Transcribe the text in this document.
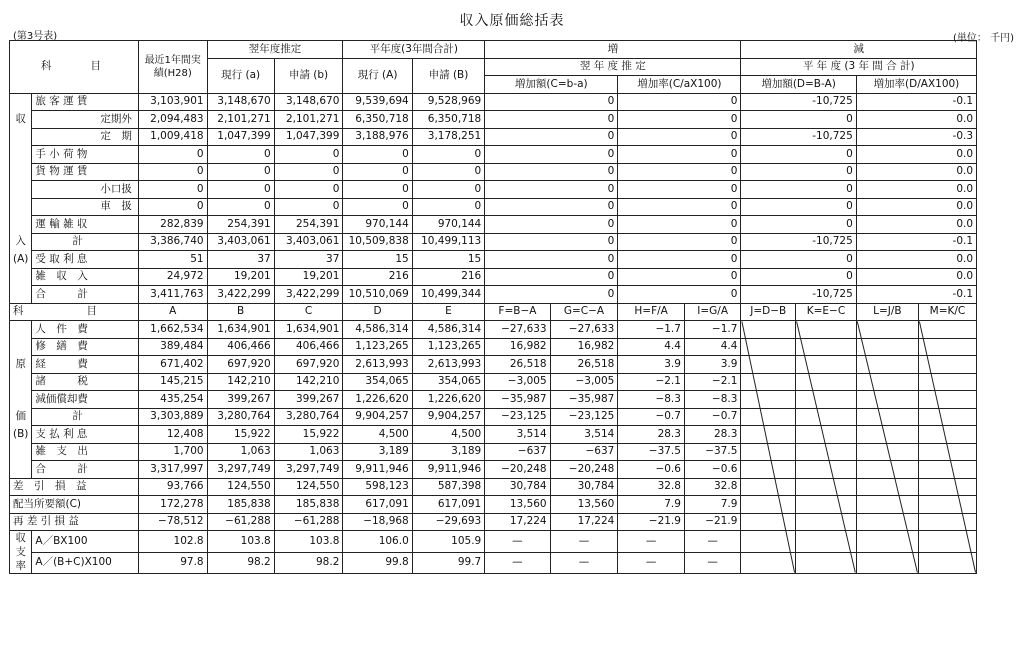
収入原価総括表
(第3号表)	(単位： 千円)
科　　目		最近1年間実績(H28)	翌年度推定		平年度(3年間合計)		増				減			
			現行 (a)	申請 (b)	現行 (A)	申請 (B)	翌 年 度 推 定				平 年 度 (3 年 間 合 計)			
							増加額(C=b-a)		増加率(C/aX100)		増加額(D=B-A)		増加率(D/AX100)	
	旅 客 運 賃	3,103,901	3,148,670	3,148,670	9,539,694	9,528,969	0		0		-10,725		-0.1	
収	定期外	2,094,483	2,101,271	2,101,271	6,350,718	6,350,718	0		0		0		0.0	
	定　期	1,009,418	1,047,399	1,047,399	3,188,976	3,178,251	0		0		-10,725		-0.3	
	手 小 荷 物	0	0	0	0	0	0		0		0		0.0	
	貨 物 運 賃	0	0	0	0	0	0		0		0		0.0	
	小口扱	0	0	0	0	0	0		0		0		0.0	
	車　扱	0	0	0	0	0	0		0		0		0.0	
	運 輸 雑 収	282,839	254,391	254,391	970,144	970,144	0		0		0		0.0	
入	計	3,386,740	3,403,061	3,403,061	10,509,838	10,499,113	0		0		-10,725		-0.1	
(A)	受 取 利 息	51	37	37	15	15	0		0		0		0.0	
	雑　収　入	24,972	19,201	19,201	216	216	0		0		0		0.0	
	合　　　計	3,411,763	3,422,299	3,422,299	10,510,069	10,499,344	0		0		-10,725		-0.1	
科　　　　　　目		A	B	C	D	E	F=B−A	G=C−A	H=F/A	I=G/A	J=D−B	K=E−C	L=J/B	M=K/C
	人　件　費	1,662,534	1,634,901	1,634,901	4,586,314	4,586,314	−27,633	−27,633	−1.7	−1.7				
	修　繕　費	389,484	406,466	406,466	1,123,265	1,123,265	16,982	16,982	4.4	4.4				
原	経　　　費	671,402	697,920	697,920	2,613,993	2,613,993	26,518	26,518	3.9	3.9				
	諸　　　税	145,215	142,210	142,210	354,065	354,065	−3,005	−3,005	−2.1	−2.1				
	減価償却費	435,254	399,267	399,267	1,226,620	1,226,620	−35,987	−35,987	−8.3	−8.3				
価	計	3,303,889	3,280,764	3,280,764	9,904,257	9,904,257	−23,125	−23,125	−0.7	−0.7				
(B)	支 払 利 息	12,408	15,922	15,922	4,500	4,500	3,514	3,514	28.3	28.3				
	雑　支　出	1,700	1,063	1,063	3,189	3,189	−637	−637	−37.5	−37.5				
	合　　　計	3,317,997	3,297,749	3,297,749	9,911,946	9,911,946	−20,248	−20,248	−0.6	−0.6				
差　引　損　益		93,766	124,550	124,550	598,123	587,398	30,784	30,784	32.8	32.8				
配当所要額(C)		172,278	185,838	185,838	617,091	617,091	13,560	13,560	7.9	7.9				
再 差 引 損 益		−78,512	−61,288	−61,288	−18,968	−29,693	17,224	17,224	−21.9	−21.9				

収
支
率	A／BX100	102.8	103.8	103.8	106.0	105.9	—	—	—	—				
	A／(B+C)X100	97.8	98.2	98.2	99.8	99.7	—	—	—	—				
